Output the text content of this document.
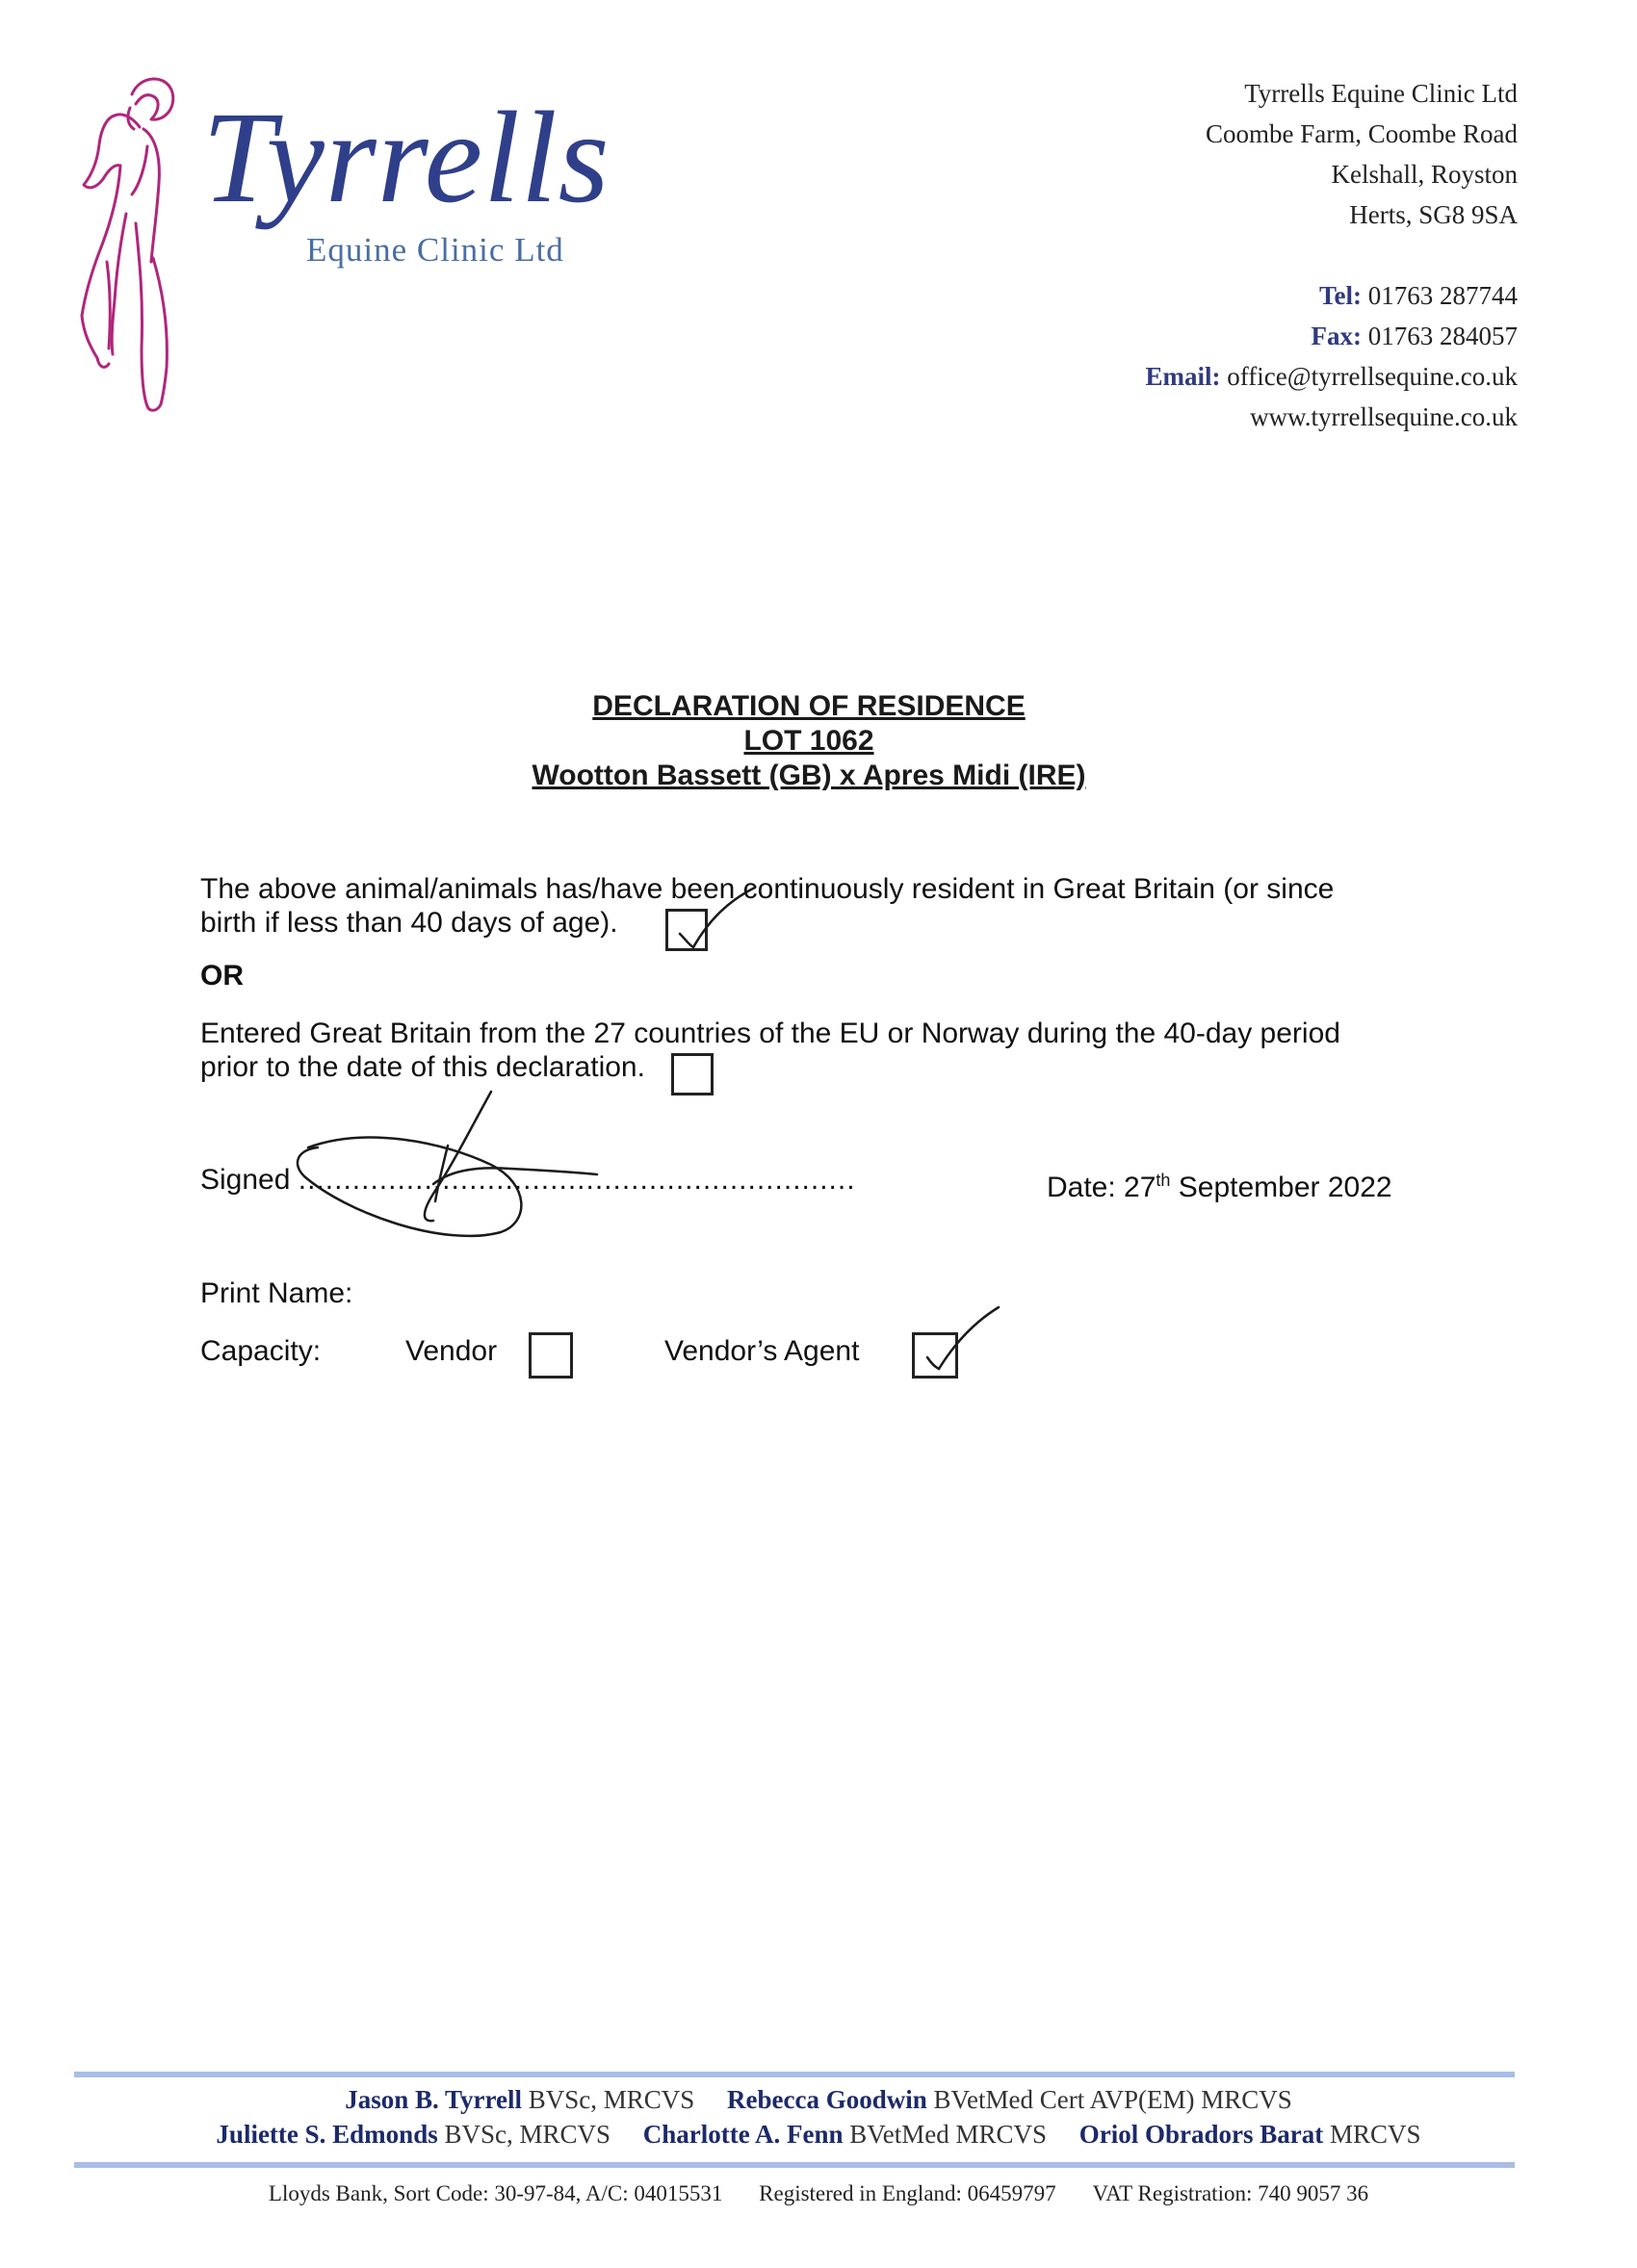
Tyrrells
Equine Clinic Ltd
Tyrrells Equine Clinic Ltd
Coombe Farm, Coombe Road
Kelshall, Royston
Herts, SG8 9SA
Tel: 01763 287744
Fax: 01763 284057
Email: office@tyrrellsequine.co.uk
www.tyrrellsequine.co.uk
DECLARATION OF RESIDENCE
LOT 1062
Wootton Bassett (GB) x Apres Midi (IRE)
The above animal/animals has/have been continuously resident in Great Britain (or since
birth if less than 40 days of age).
OR
Entered Great Britain from the 27 countries of the EU or Norway during the 40-day period
prior to the date of this declaration.
Signed ..............................................................	Date: 27th September 2022
Print Name:
Capacity:	Vendor	Vendor’s Agent
Jason B. Tyrrell BVSc, MRCVS Rebecca Goodwin BVetMed Cert AVP(EM) MRCVS
Juliette S. Edmonds BVSc, MRCVS Charlotte A. Fenn BVetMed MRCVS Oriol Obradors Barat MRCVS
Lloyds Bank, Sort Code: 30-97-84, A/C: 04015531 Registered in England: 06459797 VAT Registration: 740 9057 36
